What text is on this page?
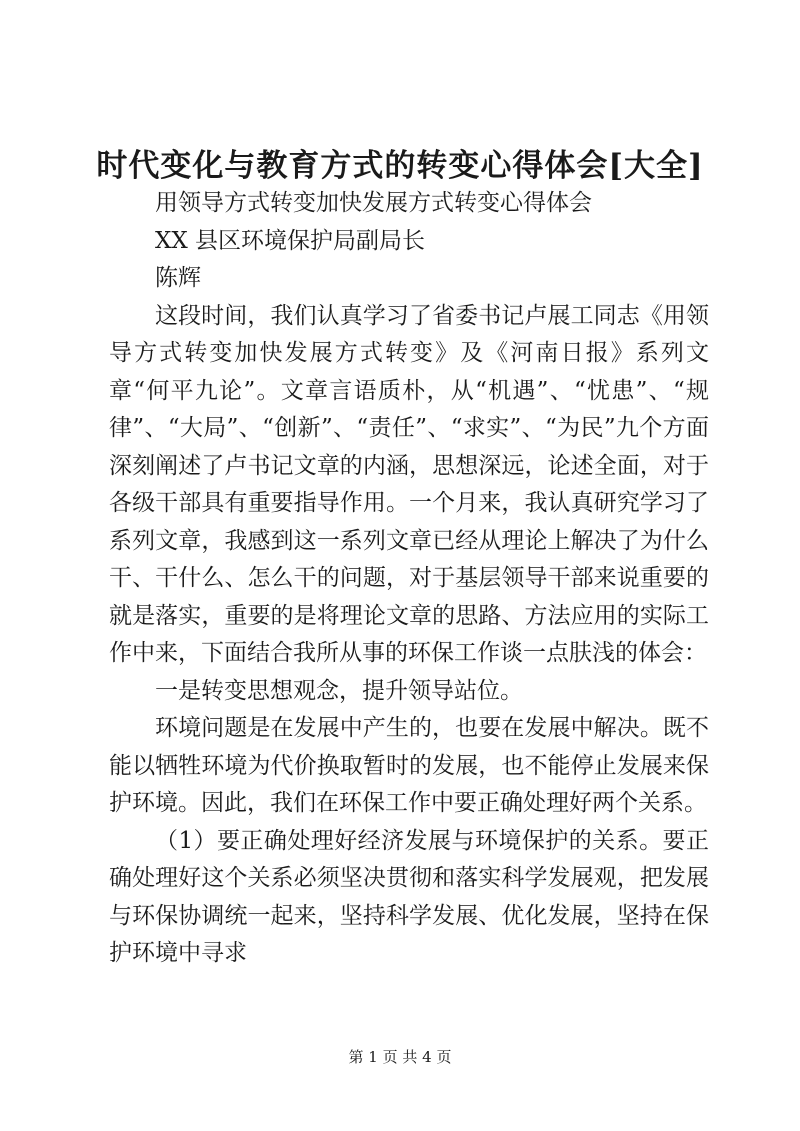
时代变化与教育方式的转变心得体会[大全]
用领导方式转变加快发展方式转变心得体会
XX 县区环境保护局副局长
陈辉

这段时间，我们认真学习了省委书记卢展工同志《用领导方式转变加快发展方式转变》及《河南日报》系列文章“何平九论”。文章言语质朴，从“机遇”、“忧患”、“规律”、“大局”、“创新”、“责任”、“求实”、“为民”九个方面深刻阐述了卢书记文章的内涵，思想深远，论述全面，对于各级干部具有重要指导作用。一个月来，我认真研究学习了系列文章，我感到这一系列文章已经从理论上解决了为什么干、干什么、怎么干的问题，对于基层领导干部来说重要的就是落实，重要的是将理论文章的思路、方法应用的实际工作中来，下面结合我所从事的环保工作谈一点肤浅的体会：

一是转变思想观念，提升领导站位。

环境问题是在发展中产生的，也要在发展中解决。既不能以牺牲环境为代价换取暂时的发展，也不能停止发展来保护环境。因此，我们在环保工作中要正确处理好两个关系。

（1）要正确处理好经济发展与环境保护的关系。要正确处理好这个关系必须坚决贯彻和落实科学发展观，把发展与环保协调统一起来，坚持科学发展、优化发展，坚持在保护环境中寻求

第 1 页 共 4 页
